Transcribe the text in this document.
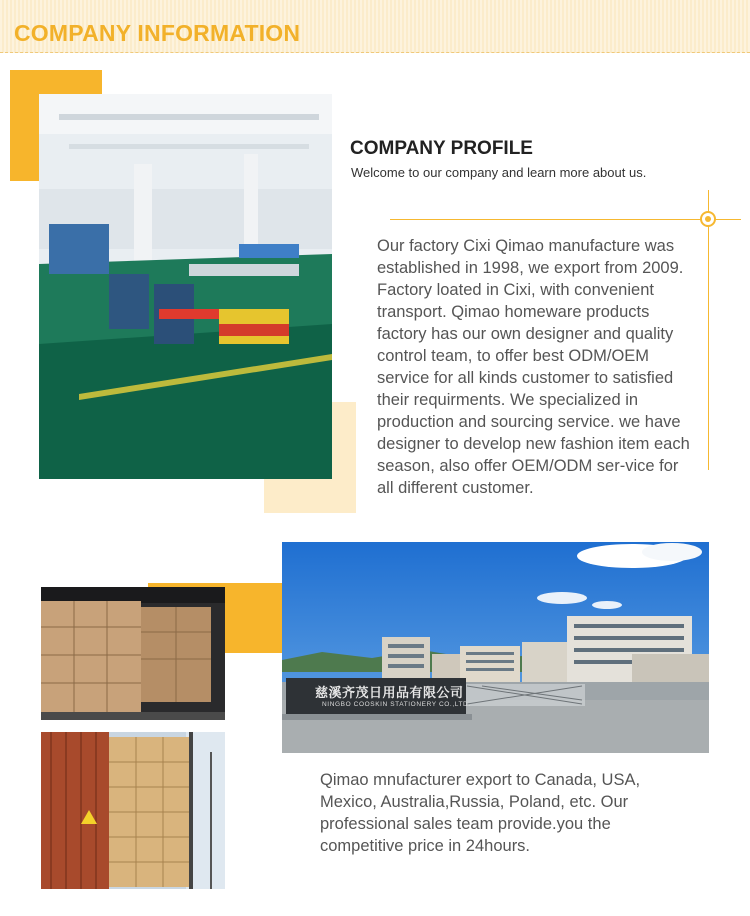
COMPANY INFORMATION
COMPANY PROFILE
Welcome to our company and learn more about us.
Our factory Cixi Qimao manufacture was established in 1998, we export from 2009. Factory loated in Cixi, with convenient transport. Qimao homeware products factory has our own designer and quality control team, to offer best ODM/OEM service for all kinds customer to satisfied their requirments. We specialized in production and sourcing service. we have designer to develop new fashion item each season, also offer OEM/ODM ser-vice for all different customer.
慈溪齐茂日用品有限公司
NINGBO COOSKIN STATIONERY CO.,LTD.
Qimao mnufacturer export to Canada, USA, Mexico, Australia,Russia, Poland, etc. Our professional sales team provide.you the competitive price in 24hours.
